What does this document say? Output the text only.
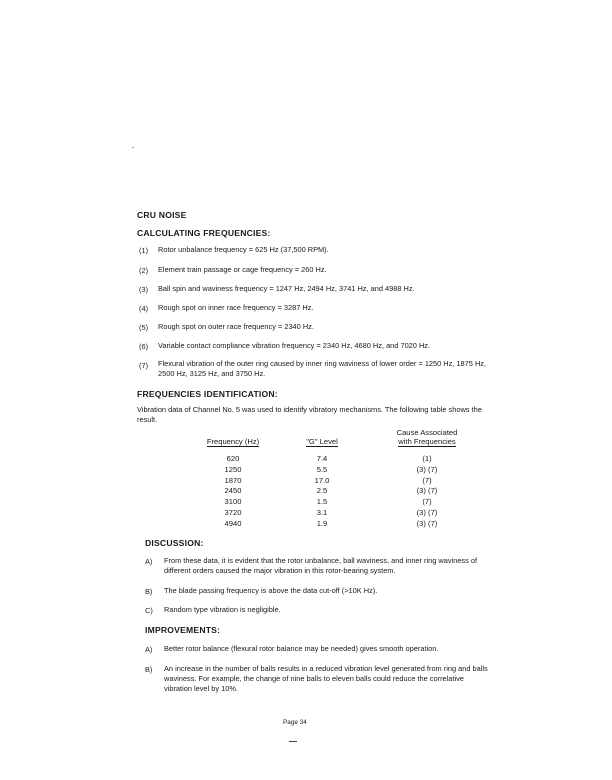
CRU NOISE
CALCULATING FREQUENCIES:
(1) Rotor unbalance frequency = 625 Hz (37,500 RPM).
(2) Element train passage or cage frequency = 260 Hz.
(3) Ball spin and waviness frequency = 1247 Hz, 2494 Hz, 3741 Hz, and 4988 Hz.
(4) Rough spot on inner race frequency = 3287 Hz.
(5) Rough spot on outer race frequency = 2340 Hz.
(6) Variable contact compliance vibration frequency = 2340 Hz, 4680 Hz, and 7020 Hz.
(7) Flexural vibration of the outer ring caused by inner ring waviness of lower order = 1250 Hz, 1875 Hz, 2500 Hz, 3125 Hz, and 3750 Hz.
FREQUENCIES IDENTIFICATION:
Vibration data of Channel No. 5 was used to identify vibratory mechanisms. The following table shows the result.
Frequency (Hz)	"G" Level	Cause Associated
with Frequencies

620	7.4	(1)
1250	5.5	(3) (7)
1870	17.0	(7)
2450	2.5	(3) (7)
3100	1.5	(7)
3720	3.1	(3) (7)
4940	1.9	(3) (7)
DISCUSSION:
A) From these data, it is evident that the rotor unbalance, ball waviness, and inner ring waviness of different orders caused the major vibration in this rotor-bearing system.
B) The blade passing frequency is above the data cut-off (>10K Hz).
C) Random type vibration is negligible.
IMPROVEMENTS:
A) Better rotor balance (flexural rotor balance may be needed) gives smooth operation.
B) An increase in the number of balls results in a reduced vibration level generated from ring and balls waviness. For example, the change of nine balls to eleven balls could reduce the correlative vibration level by 10%.
Page 34
